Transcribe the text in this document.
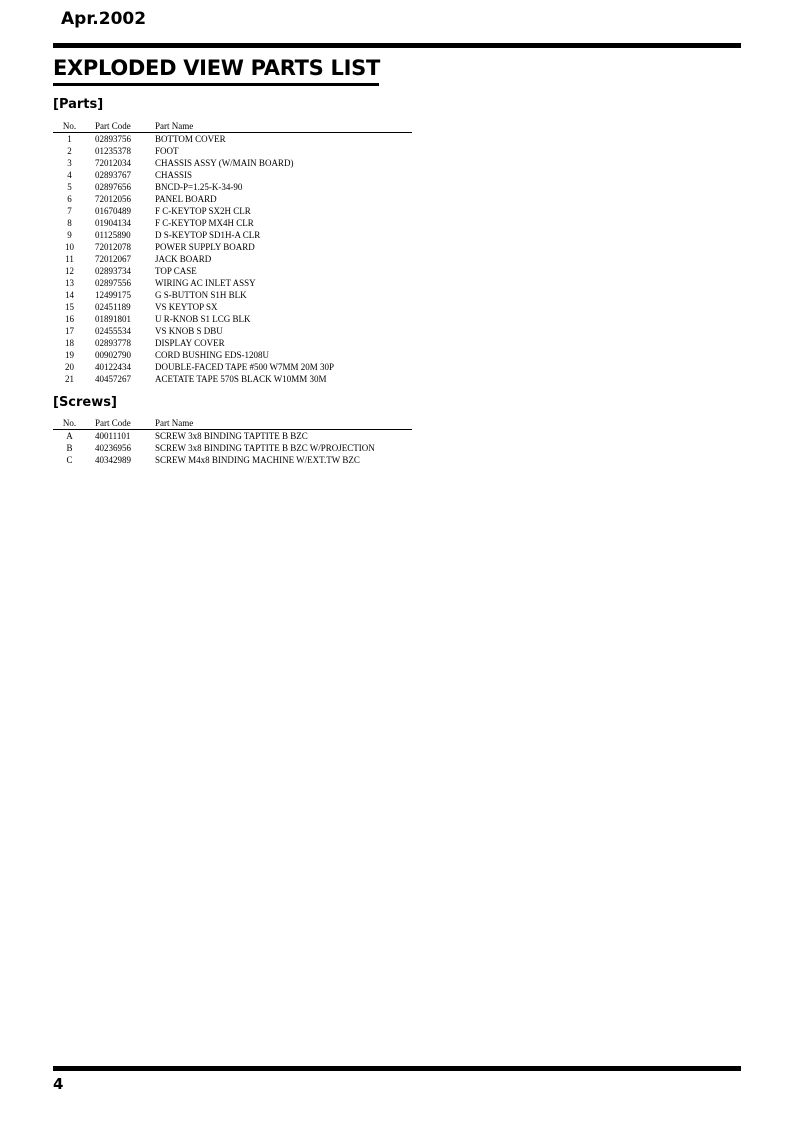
Apr.2002
EXPLODED VIEW PARTS LIST
[Parts]
No.	Part Code	Part Name
1	02893756	BOTTOM COVER
2	01235378	FOOT
3	72012034	CHASSIS ASSY (W/MAIN BOARD)
4	02893767	CHASSIS
5	02897656	BNCD-P=1.25-K-34-90
6	72012056	PANEL BOARD
7	01670489	F C-KEYTOP SX2H CLR
8	01904134	F C-KEYTOP MX4H CLR
9	01125890	D S-KEYTOP SD1H-A CLR
10	72012078	POWER SUPPLY BOARD
11	72012067	JACK BOARD
12	02893734	TOP CASE
13	02897556	WIRING AC INLET ASSY
14	12499175	G S-BUTTON S1H BLK
15	02451189	VS KEYTOP SX
16	01891801	U R-KNOB S1 LCG BLK
17	02455534	VS KNOB S DBU
18	02893778	DISPLAY COVER
19	00902790	CORD BUSHING EDS-1208U
20	40122434	DOUBLE-FACED TAPE #500 W7MM 20M 30P
21	40457267	ACETATE TAPE 570S BLACK W10MM 30M
[Screws]
No.	Part Code	Part Name
A	40011101	SCREW 3x8 BINDING TAPTITE B BZC
B	40236956	SCREW 3x8 BINDING TAPTITE B BZC W/PROJECTION
C	40342989	SCREW M4x8 BINDING MACHINE W/EXT.TW BZC
4
